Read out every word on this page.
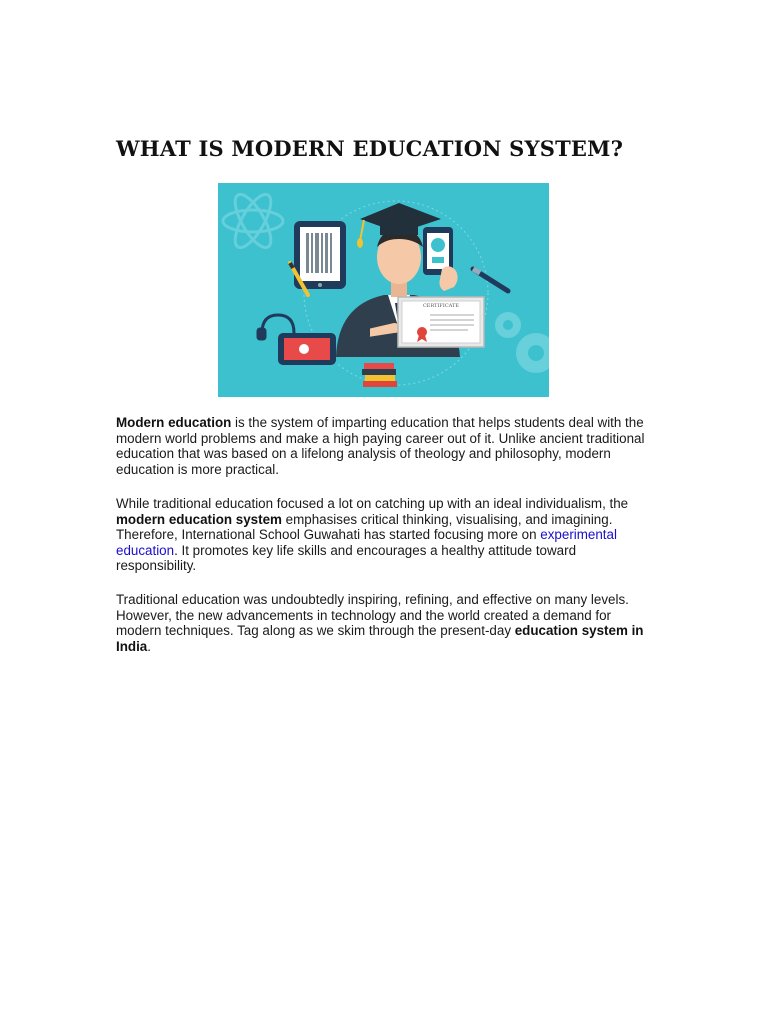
WHAT IS MODERN EDUCATION SYSTEM?
CERTIFICATE

Modern education is the system of imparting education that helps students deal with the modern world problems and make a high paying career out of it. Unlike ancient traditional education that was based on a lifelong analysis of theology and philosophy, modern education is more practical.

While traditional education focused a lot on catching up with an ideal individualism, the modern education system emphasises critical thinking, visualising, and imagining. Therefore, International School Guwahati has started focusing more on experimental education. It promotes key life skills and encourages a healthy attitude toward responsibility.

Traditional education was undoubtedly inspiring, refining, and effective on many levels. However, the new advancements in technology and the world created a demand for modern techniques. Tag along as we skim through the present-day education system in India.
